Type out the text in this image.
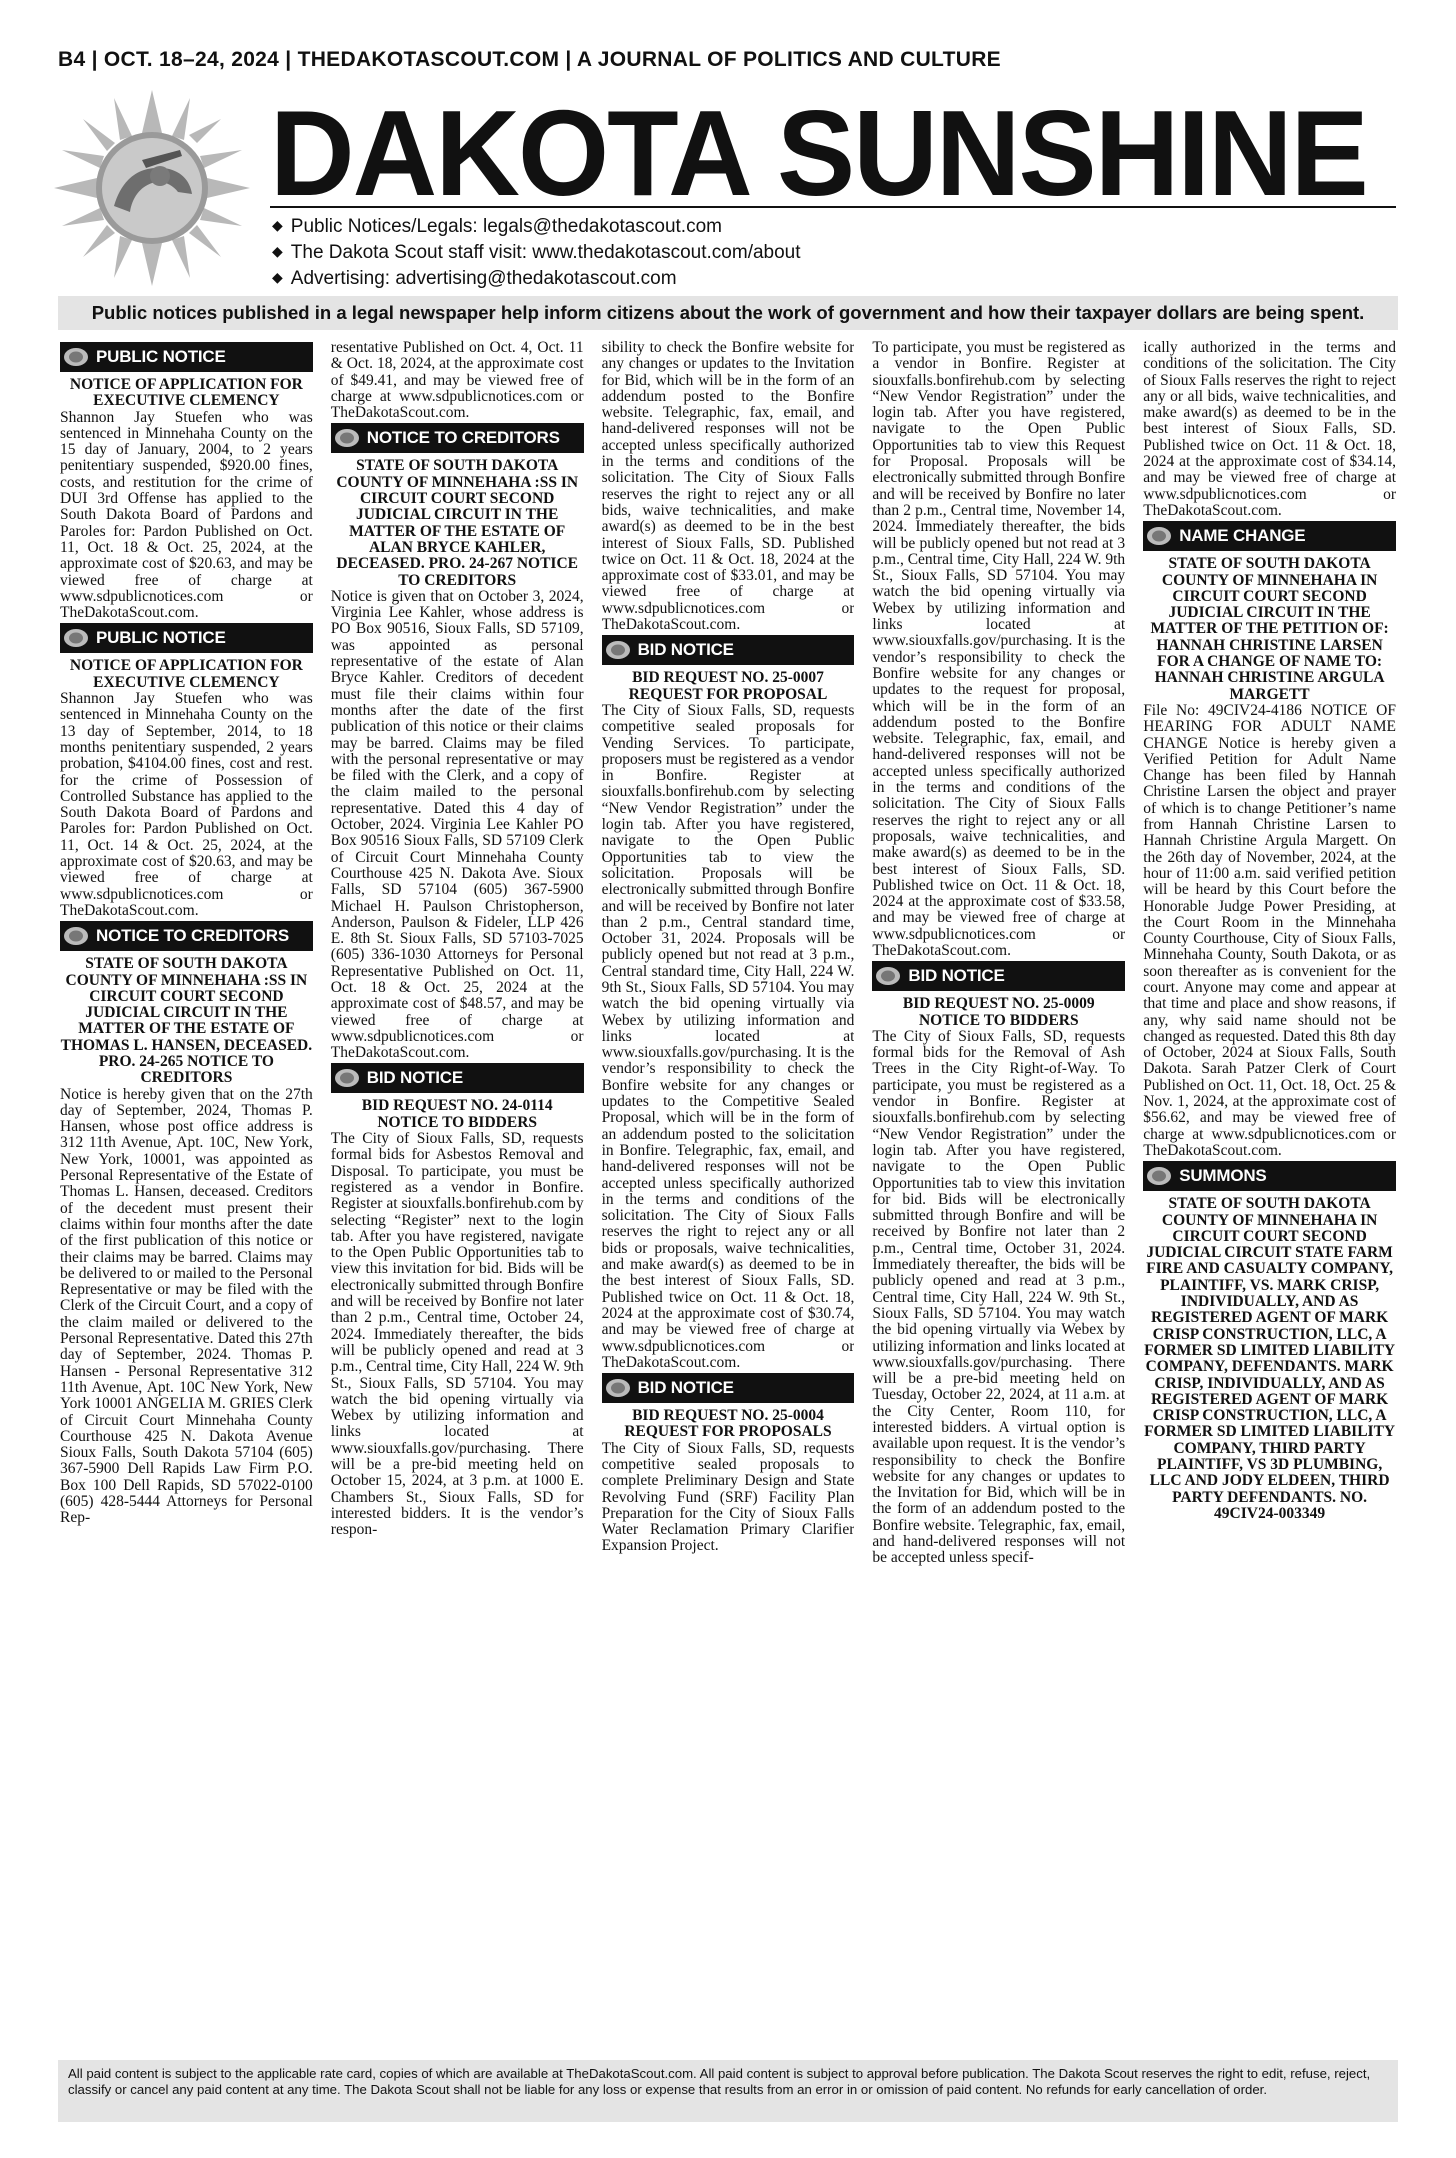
B4 | OCT. 18–24, 2024 | THEDAKOTASCOUT.COM | A JOURNAL OF POLITICS AND CULTURE
DAKOTA SUNSHINE
◆ Public Notices/Legals: legals@thedakotascout.com
◆ The Dakota Scout staff visit: www.thedakotascout.com/about
◆ Advertising: advertising@thedakotascout.com
Public notices published in a legal newspaper help inform citizens about the work of government and how their taxpayer dollars are being spent.
PUBLIC NOTICE
NOTICE OF APPLICATION FOR EXECUTIVE CLEMENCY
Shannon Jay Stuefen who was sentenced in Minnehaha County on the 15 day of January, 2004, to 2 years penitentiary suspended, $920.00 fines, costs, and restitution for the crime of DUI 3rd Offense has applied to the South Dakota Board of Pardons and Paroles for: Pardon Published on Oct. 11, Oct. 18 & Oct. 25, 2024, at the approximate cost of $20.63, and may be viewed free of charge at www.sdpublicnotices.com or TheDakotaScout.com.
PUBLIC NOTICE
NOTICE OF APPLICATION FOR EXECUTIVE CLEMENCY
Shannon Jay Stuefen who was sentenced in Minnehaha County on the 13 day of September, 2014, to 18 months penitentiary suspended, 2 years probation, $4104.00 fines, cost and rest. for the crime of Possession of Controlled Substance has applied to the South Dakota Board of Pardons and Paroles for: Pardon Published on Oct. 11, Oct. 14 & Oct. 25, 2024, at the approximate cost of $20.63, and may be viewed free of charge at www.sdpublicnotices.com or TheDakotaScout.com.
NOTICE TO CREDITORS
STATE OF SOUTH DAKOTA COUNTY OF MINNEHAHA :SS IN CIRCUIT COURT SECOND JUDICIAL CIRCUIT IN THE MATTER OF THE ESTATE OF THOMAS L. HANSEN, DECEASED. PRO. 24-265 NOTICE TO CREDITORS
Notice is hereby given that on the 27th day of September, 2024, Thomas P. Hansen, whose post office address is 312 11th Avenue, Apt. 10C, New York, New York, 10001, was appointed as Personal Representative of the Estate of Thomas L. Hansen, deceased. Creditors of the decedent must present their claims within four months after the date of the first publication of this notice or their claims may be barred. Claims may be delivered to or mailed to the Personal Representative or may be filed with the Clerk of the Circuit Court, and a copy of the claim mailed or delivered to the Personal Representative. Dated this 27th day of September, 2024. Thomas P. Hansen - Personal Representative 312 11th Avenue, Apt. 10C New York, New York 10001 ANGELIA M. GRIES Clerk of Circuit Court Minnehaha County Courthouse 425 N. Dakota Avenue Sioux Falls, South Dakota 57104 (605) 367-5900 Dell Rapids Law Firm P.O. Box 100 Dell Rapids, SD 57022-0100 (605) 428-5444 Attorneys for Personal Rep-
resentative Published on Oct. 4, Oct. 11 & Oct. 18, 2024, at the approximate cost of $49.41, and may be viewed free of charge at www.sdpublicnotices.com or TheDakotaScout.com.
NOTICE TO CREDITORS
STATE OF SOUTH DAKOTA COUNTY OF MINNEHAHA :SS IN CIRCUIT COURT SECOND JUDICIAL CIRCUIT IN THE MATTER OF THE ESTATE OF ALAN BRYCE KAHLER, DECEASED. PRO. 24-267 NOTICE TO CREDITORS
Notice is given that on October 3, 2024, Virginia Lee Kahler, whose address is PO Box 90516, Sioux Falls, SD 57109, was appointed as personal representative of the estate of Alan Bryce Kahler. Creditors of decedent must file their claims within four months after the date of the first publication of this notice or their claims may be barred. Claims may be filed with the personal representative or may be filed with the Clerk, and a copy of the claim mailed to the personal representative. Dated this 4 day of October, 2024. Virginia Lee Kahler PO Box 90516 Sioux Falls, SD 57109 Clerk of Circuit Court Minnehaha County Courthouse 425 N. Dakota Ave. Sioux Falls, SD 57104 (605) 367-5900 Michael H. Paulson Christopherson, Anderson, Paulson & Fideler, LLP 426 E. 8th St. Sioux Falls, SD 57103-7025 (605) 336-1030 Attorneys for Personal Representative Published on Oct. 11, Oct. 18 & Oct. 25, 2024 at the approximate cost of $48.57, and may be viewed free of charge at www.sdpublicnotices.com or TheDakotaScout.com.
BID NOTICE
BID REQUEST NO. 24-0114 NOTICE TO BIDDERS
The City of Sioux Falls, SD, requests formal bids for Asbestos Removal and Disposal. To participate, you must be registered as a vendor in Bonfire. Register at siouxfalls.bonfirehub.com by selecting “Register” next to the login tab. After you have registered, navigate to the Open Public Opportunities tab to view this invitation for bid. Bids will be electronically submitted through Bonfire and will be received by Bonfire not later than 2 p.m., Central time, October 24, 2024. Immediately thereafter, the bids will be publicly opened and read at 3 p.m., Central time, City Hall, 224 W. 9th St., Sioux Falls, SD 57104. You may watch the bid opening virtually via Webex by utilizing information and links located at www.siouxfalls.gov/purchasing. There will be a pre-bid meeting held on October 15, 2024, at 3 p.m. at 1000 E. Chambers St., Sioux Falls, SD for interested bidders. It is the vendor’s respon-
sibility to check the Bonfire website for any changes or updates to the Invitation for Bid, which will be in the form of an addendum posted to the Bonfire website. Telegraphic, fax, email, and hand-delivered responses will not be accepted unless specifically authorized in the terms and conditions of the solicitation. The City of Sioux Falls reserves the right to reject any or all bids, waive technicalities, and make award(s) as deemed to be in the best interest of Sioux Falls, SD. Published twice on Oct. 11 & Oct. 18, 2024 at the approximate cost of $33.01, and may be viewed free of charge at www.sdpublicnotices.com or TheDakotaScout.com.
BID NOTICE
BID REQUEST NO. 25-0007 REQUEST FOR PROPOSAL
The City of Sioux Falls, SD, requests competitive sealed proposals for Vending Services. To participate, proposers must be registered as a vendor in Bonfire. Register at siouxfalls.bonfirehub.com by selecting “New Vendor Registration” under the login tab. After you have registered, navigate to the Open Public Opportunities tab to view the solicitation. Proposals will be electronically submitted through Bonfire and will be received by Bonfire not later than 2 p.m., Central standard time, October 31, 2024. Proposals will be publicly opened but not read at 3 p.m., Central standard time, City Hall, 224 W. 9th St., Sioux Falls, SD 57104. You may watch the bid opening virtually via Webex by utilizing information and links located at www.siouxfalls.gov/purchasing. It is the vendor’s responsibility to check the Bonfire website for any changes or updates to the Competitive Sealed Proposal, which will be in the form of an addendum posted to the solicitation in Bonfire. Telegraphic, fax, email, and hand-delivered responses will not be accepted unless specifically authorized in the terms and conditions of the solicitation. The City of Sioux Falls reserves the right to reject any or all bids or proposals, waive technicalities, and make award(s) as deemed to be in the best interest of Sioux Falls, SD. Published twice on Oct. 11 & Oct. 18, 2024 at the approximate cost of $30.74, and may be viewed free of charge at www.sdpublicnotices.com or TheDakotaScout.com.
BID NOTICE
BID REQUEST NO. 25-0004 REQUEST FOR PROPOSALS
The City of Sioux Falls, SD, requests competitive sealed proposals to complete Preliminary Design and State Revolving Fund (SRF) Facility Plan Preparation for the City of Sioux Falls Water Reclamation Primary Clarifier Expansion Project.
To participate, you must be registered as a vendor in Bonfire. Register at siouxfalls.bonfirehub.com by selecting “New Vendor Registration” under the login tab. After you have registered, navigate to the Open Public Opportunities tab to view this Request for Proposal. Proposals will be electronically submitted through Bonfire and will be received by Bonfire no later than 2 p.m., Central time, November 14, 2024. Immediately thereafter, the bids will be publicly opened but not read at 3 p.m., Central time, City Hall, 224 W. 9th St., Sioux Falls, SD 57104. You may watch the bid opening virtually via Webex by utilizing information and links located at www.siouxfalls.gov/purchasing. It is the vendor’s responsibility to check the Bonfire website for any changes or updates to the request for proposal, which will be in the form of an addendum posted to the Bonfire website. Telegraphic, fax, email, and hand-delivered responses will not be accepted unless specifically authorized in the terms and conditions of the solicitation. The City of Sioux Falls reserves the right to reject any or all proposals, waive technicalities, and make award(s) as deemed to be in the best interest of Sioux Falls, SD. Published twice on Oct. 11 & Oct. 18, 2024 at the approximate cost of $33.58, and may be viewed free of charge at www.sdpublicnotices.com or TheDakotaScout.com.
BID NOTICE
BID REQUEST NO. 25-0009 NOTICE TO BIDDERS
The City of Sioux Falls, SD, requests formal bids for the Removal of Ash Trees in the City Right-of-Way. To participate, you must be registered as a vendor in Bonfire. Register at siouxfalls.bonfirehub.com by selecting “New Vendor Registration” under the login tab. After you have registered, navigate to the Open Public Opportunities tab to view this invitation for bid. Bids will be electronically submitted through Bonfire and will be received by Bonfire not later than 2 p.m., Central time, October 31, 2024. Immediately thereafter, the bids will be publicly opened and read at 3 p.m., Central time, City Hall, 224 W. 9th St., Sioux Falls, SD 57104. You may watch the bid opening virtually via Webex by utilizing information and links located at www.siouxfalls.gov/purchasing. There will be a pre-bid meeting held on Tuesday, October 22, 2024, at 11 a.m. at the City Center, Room 110, for interested bidders. A virtual option is available upon request. It is the vendor’s responsibility to check the Bonfire website for any changes or updates to the Invitation for Bid, which will be in the form of an addendum posted to the Bonfire website. Telegraphic, fax, email, and hand-delivered responses will not be accepted unless specif-
ically authorized in the terms and conditions of the solicitation. The City of Sioux Falls reserves the right to reject any or all bids, waive technicalities, and make award(s) as deemed to be in the best interest of Sioux Falls, SD. Published twice on Oct. 11 & Oct. 18, 2024 at the approximate cost of $34.14, and may be viewed free of charge at www.sdpublicnotices.com or TheDakotaScout.com.
NAME CHANGE
STATE OF SOUTH DAKOTA COUNTY OF MINNEHAHA IN CIRCUIT COURT SECOND JUDICIAL CIRCUIT IN THE MATTER OF THE PETITION OF: HANNAH CHRISTINE LARSEN FOR A CHANGE OF NAME TO: HANNAH CHRISTINE ARGULA MARGETT
File No: 49CIV24-4186 NOTICE OF HEARING FOR ADULT NAME CHANGE Notice is hereby given a Verified Petition for Adult Name Change has been filed by Hannah Christine Larsen the object and prayer of which is to change Petitioner’s name from Hannah Christine Larsen to Hannah Christine Argula Margett. On the 26th day of November, 2024, at the hour of 11:00 a.m. said verified petition will be heard by this Court before the Honorable Judge Power Presiding, at the Court Room in the Minnehaha County Courthouse, City of Sioux Falls, Minnehaha County, South Dakota, or as soon thereafter as is convenient for the court. Anyone may come and appear at that time and place and show reasons, if any, why said name should not be changed as requested. Dated this 8th day of October, 2024 at Sioux Falls, South Dakota. Sarah Patzer Clerk of Court Published on Oct. 11, Oct. 18, Oct. 25 & Nov. 1, 2024, at the approximate cost of $56.62, and may be viewed free of charge at www.sdpublicnotices.com or TheDakotaScout.com.
SUMMONS
STATE OF SOUTH DAKOTA COUNTY OF MINNEHAHA IN CIRCUIT COURT SECOND JUDICIAL CIRCUIT STATE FARM FIRE AND CASUALTY COMPANY, PLAINTIFF, VS. MARK CRISP, INDIVIDUALLY, AND AS REGISTERED AGENT OF MARK CRISP CONSTRUCTION, LLC, A FORMER SD LIMITED LIABILITY COMPANY, DEFENDANTS. MARK CRISP, INDIVIDUALLY, AND AS REGISTERED AGENT OF MARK CRISP CONSTRUCTION, LLC, A FORMER SD LIMITED LIABILITY COMPANY, THIRD PARTY PLAINTIFF, VS 3D PLUMBING, LLC AND JODY ELDEEN, THIRD PARTY DEFENDANTS. NO. 49CIV24-003349
All paid content is subject to the applicable rate card, copies of which are available at TheDakotaScout.com. All paid content is subject to approval before publication. The Dakota Scout reserves the right to edit, refuse, reject, classify or cancel any paid content at any time. The Dakota Scout shall not be liable for any loss or expense that results from an error in or omission of paid content. No refunds for early cancellation of order.
